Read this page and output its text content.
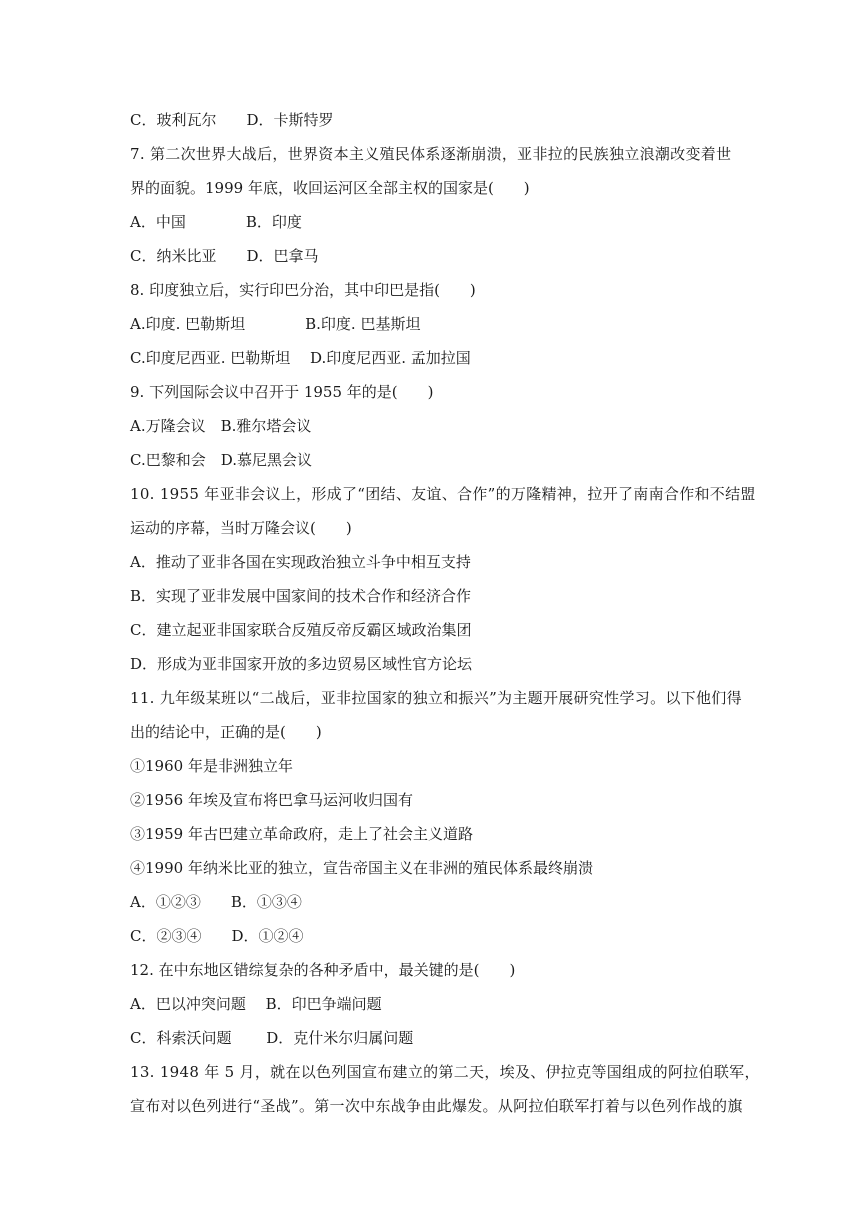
C．玻利瓦尔　　D．卡斯特罗
7. 第二次世界大战后，世界资本主义殖民体系逐渐崩溃，亚非拉的民族独立浪潮改变着世
界的面貌。1999 年底，收回运河区全部主权的国家是(　　)
A．中国　　　　B．印度
C．纳米比亚　　D．巴拿马
8. 印度独立后，实行印巴分治，其中印巴是指(　　)
A.印度. 巴勒斯坦　　　　B.印度. 巴基斯坦
C.印度尼西亚. 巴勒斯坦　 D.印度尼西亚. 孟加拉国
9. 下列国际会议中召开于 1955 年的是(　　)
A.万隆会议　B.雅尔塔会议
C.巴黎和会　D.慕尼黑会议
10. 1955 年亚非会议上，形成了“团结、友谊、合作”的万隆精神，拉开了南南合作和不结盟
运动的序幕，当时万隆会议(　　)
A．推动了亚非各国在实现政治独立斗争中相互支持
B．实现了亚非发展中国家间的技术合作和经济合作
C．建立起亚非国家联合反殖反帝反霸区域政治集团
D．形成为亚非国家开放的多边贸易区域性官方论坛
11. 九年级某班以“二战后，亚非拉国家的独立和振兴”为主题开展研究性学习。以下他们得
出的结论中，正确的是(　　)
①1960 年是非洲独立年
②1956 年埃及宣布将巴拿马运河收归国有
③1959 年古巴建立革命政府，走上了社会主义道路
④1990 年纳米比亚的独立，宣告帝国主义在非洲的殖民体系最终崩溃
A．①②③　　B．①③④
C．②③④　　D．①②④
12. 在中东地区错综复杂的各种矛盾中，最关键的是(　　)
A．巴以冲突问题　 B．印巴争端问题
C．科索沃问题　　 D．克什米尔归属问题
13. 1948 年 5 月，就在以色列国宣布建立的第二天，埃及、伊拉克等国组成的阿拉伯联军，
宣布对以色列进行“圣战”。第一次中东战争由此爆发。从阿拉伯联军打着与以色列作战的旗
